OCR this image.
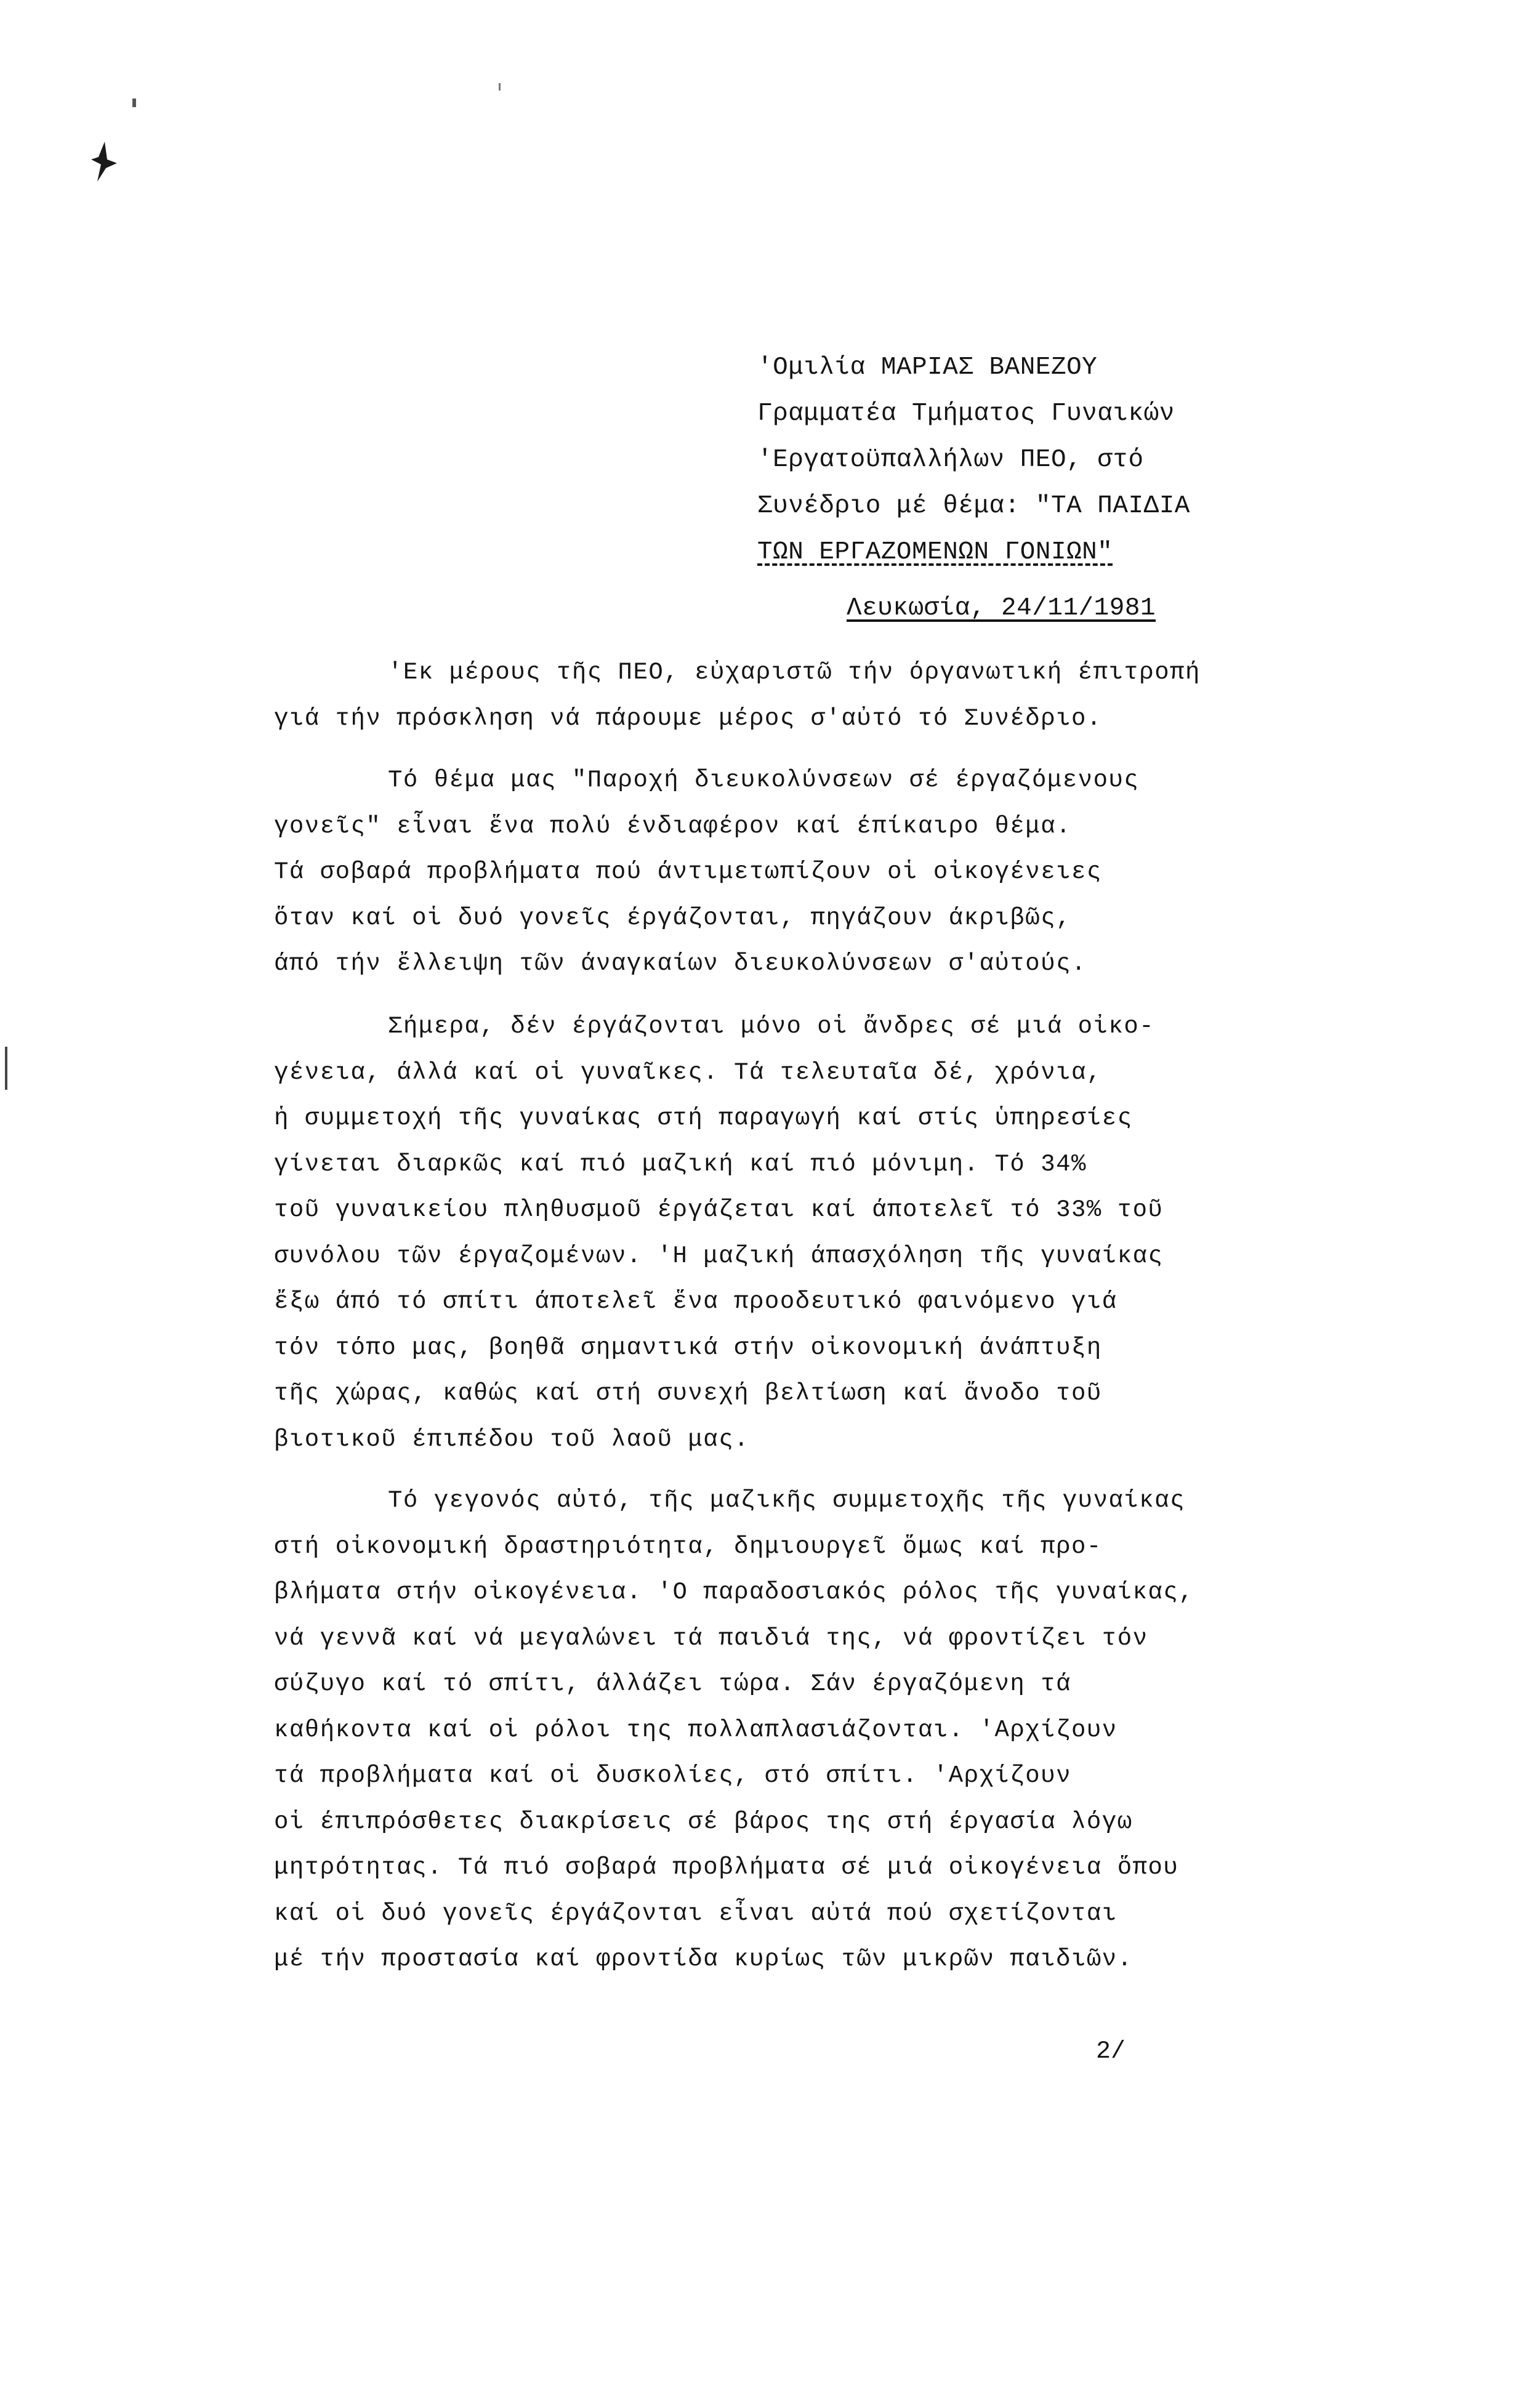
'Ομιλία ΜΑΡΙΑΣ ΒΑΝΕΖΟΥ
Γραμματέα Τμήματος Γυναικών
'Εργατοϋπαλλήλων ΠΕΟ, στό
Συνέδριο μέ θέμα: "ΤΑ ΠΑΙΔΙΑ
ΤΩΝ ΕΡΓΑΖΟΜΕΝΩΝ ΓΟΝΙΩΝ"
Λευκωσία, 24/11/1981

'Εκ μέρους τῆς ΠΕΟ, εὐχαριστῶ τήν όργανωτική έπιτροπή
γιά τήν πρόσκληση νά πάρουμε μέρος σ'αὐτό τό Συνέδριο.

Τό θέμα μας "Παροχή διευκολύνσεων σέ έργαζόμενους
γονεῖς" εἶναι ἕνα πολύ ένδιαφέρον καί έπίκαιρο θέμα.
Τά σοβαρά προβλήματα πού άντιμετωπίζουν οἱ οἰκογένειες
ὅταν καί οἱ δυό γονεῖς έργάζονται, πηγάζουν άκριβῶς,
άπό τήν ἔλλειψη τῶν άναγκαίων διευκολύνσεων σ'αὐτούς.

Σήμερα, δέν έργάζονται μόνο οἱ ἄνδρες σέ μιά οἰκο-
γένεια, άλλά καί οἱ γυναῖκες. Τά τελευταῖα δέ, χρόνια,
ἡ συμμετοχή τῆς γυναίκας στή παραγωγή καί στίς ὑπηρεσίες
γίνεται διαρκῶς καί πιό μαζική καί πιό μόνιμη. Τό 34%
τοῦ γυναικείου πληθυσμοῦ έργάζεται καί άποτελεῖ τό 33% τοῦ
συνόλου τῶν έργαζομένων. 'Η μαζική άπασχόληση τῆς γυναίκας
ἔξω άπό τό σπίτι άποτελεῖ ἕνα προοδευτικό φαινόμενο γιά
τόν τόπο μας, βοηθᾶ σημαντικά στήν οἰκονομική άνάπτυξη
τῆς χώρας, καθώς καί στή συνεχή βελτίωση καί ἄνοδο τοῦ
βιοτικοῦ έπιπέδου τοῦ λαοῦ μας.

Τό γεγονός αὐτό, τῆς μαζικῆς συμμετοχῆς τῆς γυναίκας
στή οἰκονομική δραστηριότητα, δημιουργεῖ ὅμως καί προ-
βλήματα στήν οἰκογένεια. 'Ο παραδοσιακός ρόλος τῆς γυναίκας,
νά γεννᾶ καί νά μεγαλώνει τά παιδιά της, νά φροντίζει τόν
σύζυγο καί τό σπίτι, άλλάζει τώρα. Σάν έργαζόμενη τά
καθήκοντα καί οἱ ρόλοι της πολλαπλασιάζονται. 'Αρχίζουν
τά προβλήματα καί οἱ δυσκολίες, στό σπίτι. 'Αρχίζουν
οἱ έπιπρόσθετες διακρίσεις σέ βάρος της στή έργασία λόγω
μητρότητας. Τά πιό σοβαρά προβλήματα σέ μιά οἰκογένεια ὅπου
καί οἱ δυό γονεῖς έργάζονται εἶναι αὐτά πού σχετίζονται
μέ τήν προστασία καί φροντίδα κυρίως τῶν μικρῶν παιδιῶν.

2/
